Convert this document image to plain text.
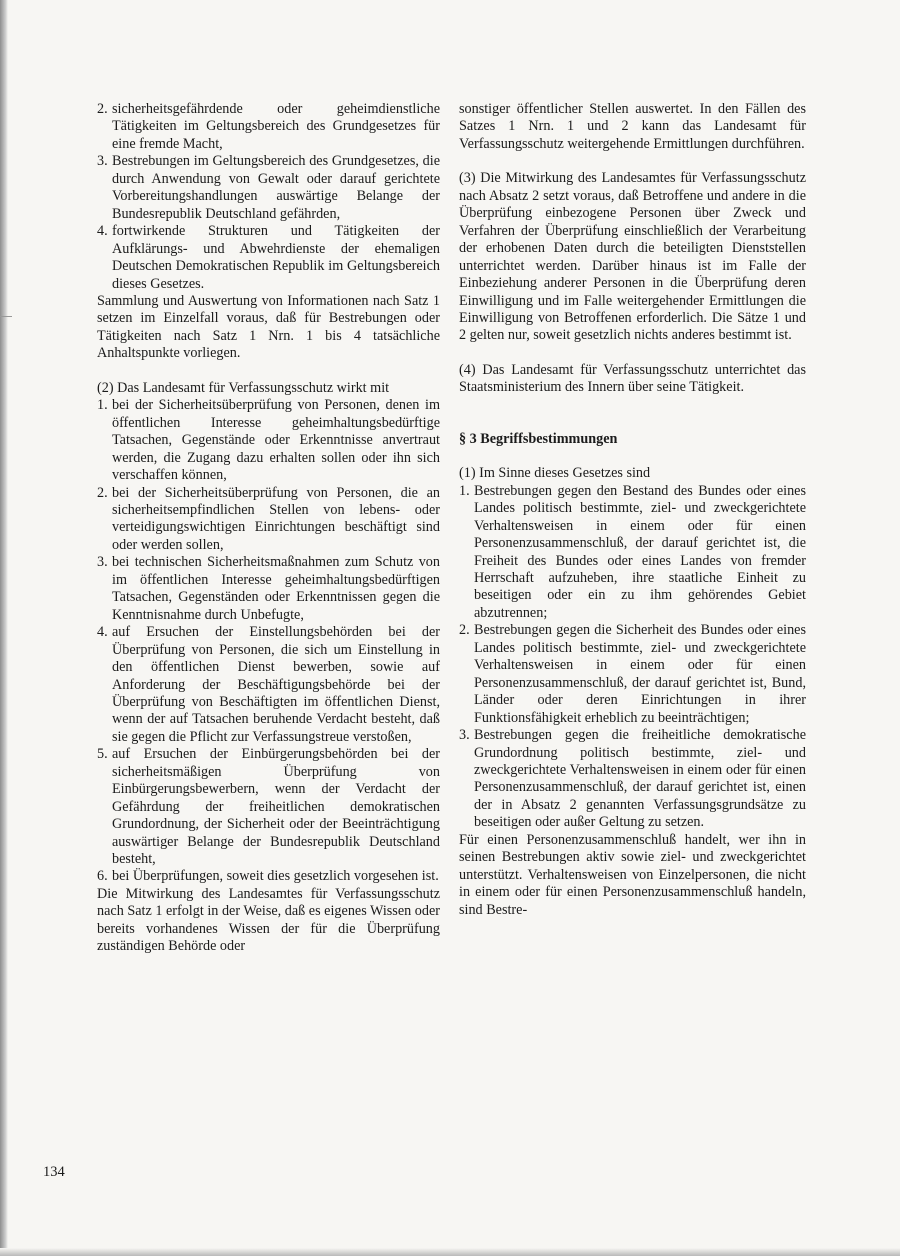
2. sicherheitsgefährdende oder geheimdienstliche Tätigkeiten im Geltungsbereich des Grundgesetzes für eine fremde Macht,
3. Bestrebungen im Geltungsbereich des Grundgesetzes, die durch Anwendung von Gewalt oder darauf gerichtete Vorbereitungshandlungen auswärtige Belange der Bundesrepublik Deutschland gefährden,
4. fortwirkende Strukturen und Tätigkeiten der Aufklärungs- und Abwehrdienste der ehemaligen Deutschen Demokratischen Republik im Geltungsbereich dieses Gesetzes.
Sammlung und Auswertung von Informationen nach Satz 1 setzen im Einzelfall voraus, daß für Bestrebungen oder Tätigkeiten nach Satz 1 Nrn. 1 bis 4 tatsächliche Anhaltspunkte vorliegen.
(2) Das Landesamt für Verfassungsschutz wirkt mit
1. bei der Sicherheitsüberprüfung von Personen, denen im öffentlichen Interesse geheimhaltungsbedürftige Tatsachen, Gegenstände oder Erkenntnisse anvertraut werden, die Zugang dazu erhalten sollen oder ihn sich verschaffen können,
2. bei der Sicherheitsüberprüfung von Personen, die an sicherheitsempfindlichen Stellen von lebens- oder verteidigungswichtigen Einrichtungen beschäftigt sind oder werden sollen,
3. bei technischen Sicherheitsmaßnahmen zum Schutz von im öffentlichen Interesse geheimhaltungsbedürftigen Tatsachen, Gegenständen oder Erkenntnissen gegen die Kenntnisnahme durch Unbefugte,
4. auf Ersuchen der Einstellungsbehörden bei der Überprüfung von Personen, die sich um Einstellung in den öffentlichen Dienst bewerben, sowie auf Anforderung der Beschäftigungsbehörde bei der Überprüfung von Beschäftigten im öffentlichen Dienst, wenn der auf Tatsachen beruhende Verdacht besteht, daß sie gegen die Pflicht zur Verfassungstreue verstoßen,
5. auf Ersuchen der Einbürgerungsbehörden bei der sicherheitsmäßigen Überprüfung von Einbürgerungsbewerbern, wenn der Verdacht der Gefährdung der freiheitlichen demokratischen Grundordnung, der Sicherheit oder der Beeinträchtigung auswärtiger Belange der Bundesrepublik Deutschland besteht,
6. bei Überprüfungen, soweit dies gesetzlich vorgesehen ist.
Die Mitwirkung des Landesamtes für Verfassungsschutz nach Satz 1 erfolgt in der Weise, daß es eigenes Wissen oder bereits vorhandenes Wissen der für die Überprüfung zuständigen Behörde oder
sonstiger öffentlicher Stellen auswertet. In den Fällen des Satzes 1 Nrn. 1 und 2 kann das Landesamt für Verfassungsschutz weitergehende Ermittlungen durchführen.
(3) Die Mitwirkung des Landesamtes für Verfassungsschutz nach Absatz 2 setzt voraus, daß Betroffene und andere in die Überprüfung einbezogene Personen über Zweck und Verfahren der Überprüfung einschließlich der Verarbeitung der erhobenen Daten durch die beteiligten Dienststellen unterrichtet werden. Darüber hinaus ist im Falle der Einbeziehung anderer Personen in die Überprüfung deren Einwilligung und im Falle weitergehender Ermittlungen die Einwilligung von Betroffenen erforderlich. Die Sätze 1 und 2 gelten nur, soweit gesetzlich nichts anderes bestimmt ist.
(4) Das Landesamt für Verfassungsschutz unterrichtet das Staatsministerium des Innern über seine Tätigkeit.
§ 3 Begriffsbestimmungen
(1) Im Sinne dieses Gesetzes sind
1. Bestrebungen gegen den Bestand des Bundes oder eines Landes politisch bestimmte, ziel- und zweckgerichtete Verhaltensweisen in einem oder für einen Personenzusammenschluß, der darauf gerichtet ist, die Freiheit des Bundes oder eines Landes von fremder Herrschaft aufzuheben, ihre staatliche Einheit zu beseitigen oder ein zu ihm gehörendes Gebiet abzutrennen;
2. Bestrebungen gegen die Sicherheit des Bundes oder eines Landes politisch bestimmte, ziel- und zweckgerichtete Verhaltensweisen in einem oder für einen Personenzusammenschluß, der darauf gerichtet ist, Bund, Länder oder deren Einrichtungen in ihrer Funktionsfähigkeit erheblich zu beeinträchtigen;
3. Bestrebungen gegen die freiheitliche demokratische Grundordnung politisch bestimmte, ziel- und zweckgerichtete Verhaltensweisen in einem oder für einen Personenzusammenschluß, der darauf gerichtet ist, einen der in Absatz 2 genannten Verfassungsgrundsätze zu beseitigen oder außer Geltung zu setzen.
Für einen Personenzusammenschluß handelt, wer ihn in seinen Bestrebungen aktiv sowie ziel- und zweckgerichtet unterstützt. Verhaltensweisen von Einzelpersonen, die nicht in einem oder für einen Personenzusammenschluß handeln, sind Bestre-
134
